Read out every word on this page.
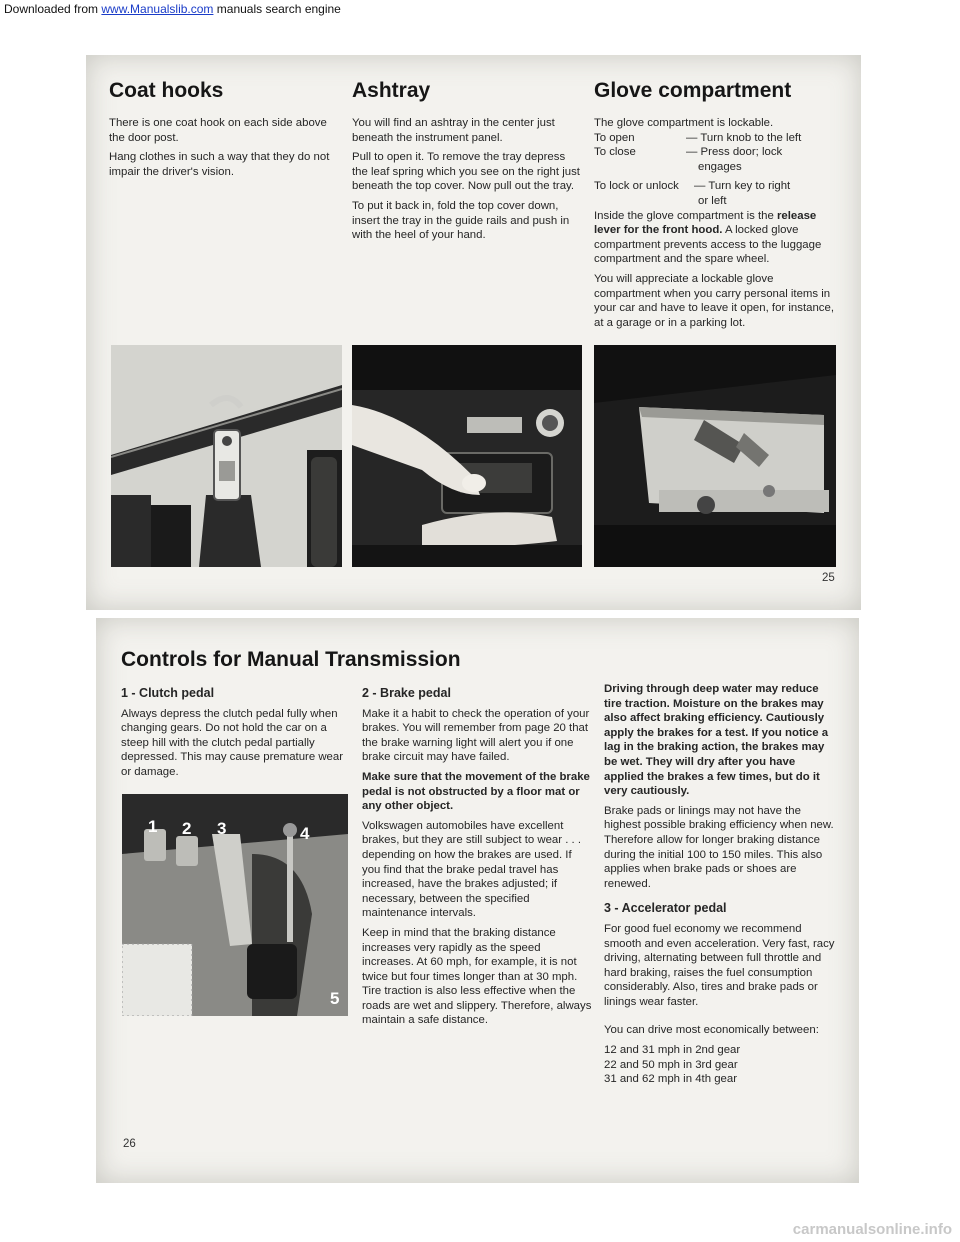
Downloaded from www.Manualslib.com manuals search engine
Coat hooks

There is one coat hook on each side above the door post.

Hang clothes in such a way that they do not impair the driver's vision.

Ashtray

You will find an ashtray in the center just beneath the instrument panel.

Pull to open it. To remove the tray depress the leaf spring which you see on the right just beneath the top cover. Now pull out the tray.

To put it back in, fold the top cover down, insert the tray in the guide rails and push in with the heel of your hand.

Glove compartment
The glove compartment is lockable.
To open	— Turn knob to the left
To close	— Press door; lock
engages
To lock or unlock	— Turn key to right
or left

Inside the glove compartment is the release lever for the front hood. A locked glove compartment prevents access to the luggage compartment and the spare wheel.

You will appreciate a lockable glove compartment when you carry personal items in your car and have to leave it open, for instance, at a garage or in a parking lot.

25
Controls for Manual Transmission
1 - Clutch pedal

Always depress the clutch pedal fully when changing gears. Do not hold the car on a steep hill with the clutch pedal partially depressed. This may cause premature wear or damage.

1 2 3	4
5
2 - Brake pedal

Make it a habit to check the operation of your brakes. You will remember from page 20 that the brake warning light will alert you if one brake circuit may have failed.

Make sure that the movement of the brake pedal is not obstructed by a floor mat or any other object.

Volkswagen automobiles have excellent brakes, but they are still subject to wear . . . depending on how the brakes are used. If you find that the brake pedal travel has increased, have the brakes adjusted; if necessary, between the specified maintenance intervals.

Keep in mind that the braking distance increases very rapidly as the speed increases. At 60 mph, for example, it is not twice but four times longer than at 30 mph. Tire traction is also less effective when the roads are wet and slippery. Therefore, always maintain a safe distance.

Driving through deep water may reduce tire traction. Moisture on the brakes may also affect braking efficiency. Cautiously apply the brakes for a test. If you notice a lag in the braking action, the brakes may be wet. They will dry after you have applied the brakes a few times, but do it very cautiously.

Brake pads or linings may not have the highest possible braking efficiency when new. Therefore allow for longer braking distance during the initial 100 to 150 miles. This also applies when brake pads or shoes are renewed.

3 - Accelerator pedal

For good fuel economy we recommend smooth and even acceleration. Very fast, racy driving, alternating between full throttle and hard braking, raises the fuel consumption considerably. Also, tires and brake pads or linings wear faster.

You can drive most economically between:

12 and 31 mph in 2nd gear
22 and 50 mph in 3rd gear
31 and 62 mph in 4th gear
26
carmanualsonline.info
